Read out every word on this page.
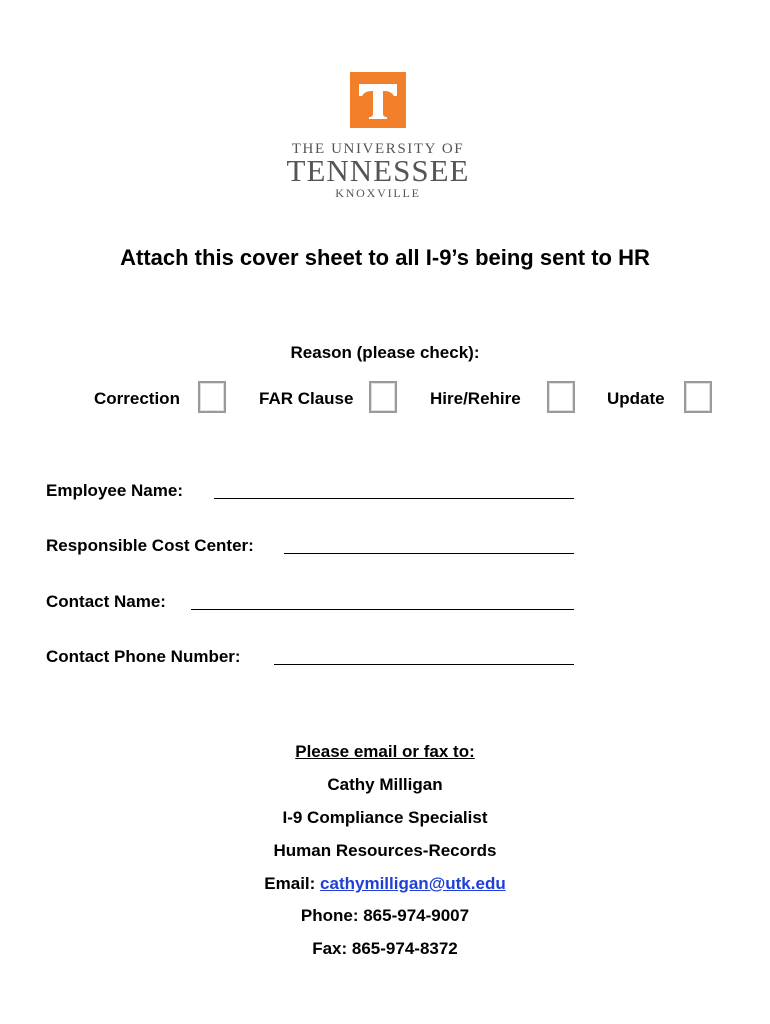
THE UNIVERSITY OF
TENNESSEE
KNOXVILLE
Attach this cover sheet to all I-9’s being sent to HR
Reason (please check):
Correction	FAR Clause	Hire/Rehire	Update
Employee Name:
Responsible Cost Center:
Contact Name:
Contact Phone Number:
Please email or fax to:
Cathy Milligan
I-9 Compliance Specialist
Human Resources-Records
Email: cathymilligan@utk.edu
Phone: 865-974-9007
Fax: 865-974-8372
